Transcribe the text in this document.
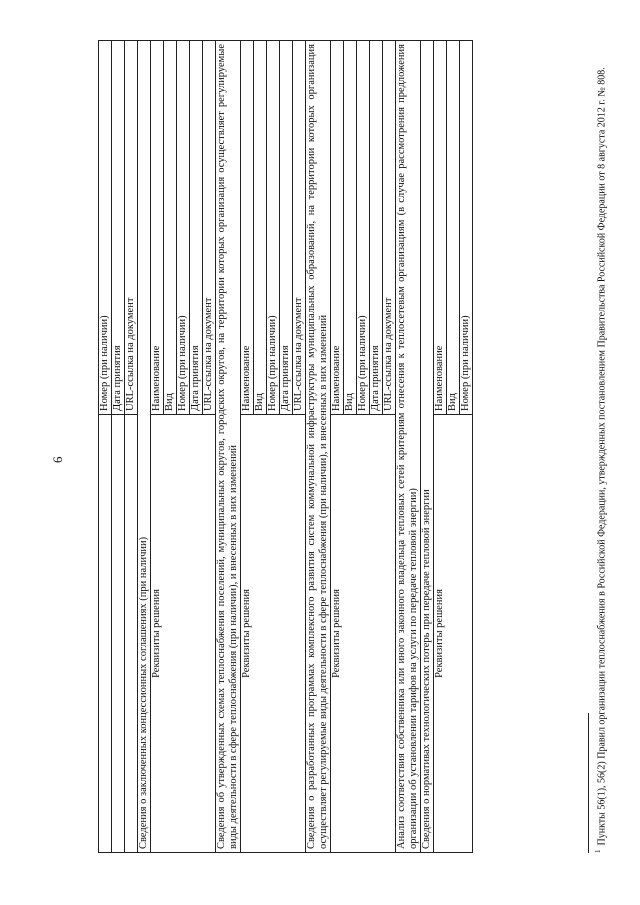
6
	Номер (при наличии)
	Дата принятия
	URL-ссылка на документ
Сведения о заключенных концессионных соглашениях (при наличии)	
Реквизиты решения	Наименование
	Вид
	Номер (при наличии)
	Дата принятия
	URL-ссылка на документ
Сведения об утвержденных схемах теплоснабжения поселений, муниципальных округов, городских округов, на территории которых организация осуществляет регулируемые виды деятельности в сфере теплоснабжения (при наличии), и внесенных в них изменений	
Реквизиты решения	Наименование
	Вид
	Номер (при наличии)
	Дата принятия
	URL-ссылка на документ
Сведения о разработанных программах комплексного развития систем коммунальной инфраструктуры муниципальных образований, на территории которых организация осуществляет регулируемые виды деятельности в сфере теплоснабжения (при наличии), и внесенных в них изменений	
Реквизиты решения	Наименование
	Вид
	Номер (при наличии)
	Дата принятия
	URL-ссылка на документ
Анализ соответствия собственника или иного законного владельца тепловых сетей критериям отнесения к теплосетевым организациям (в случае рассмотрения предложения организации об установлении тарифов на услуги по передаче тепловой энергии)	
Сведения о нормативах технологических потерь при передаче тепловой энергии	
Реквизиты решения	Наименование
	Вид
	Номер (при наличии)
$^1$Пункты 56(1), 56(2) Правил организации теплоснабжения в Российской Федерации, утвержденных постановлением Правительства Российской Федерации от 8 августа 2012 г. № 808.
